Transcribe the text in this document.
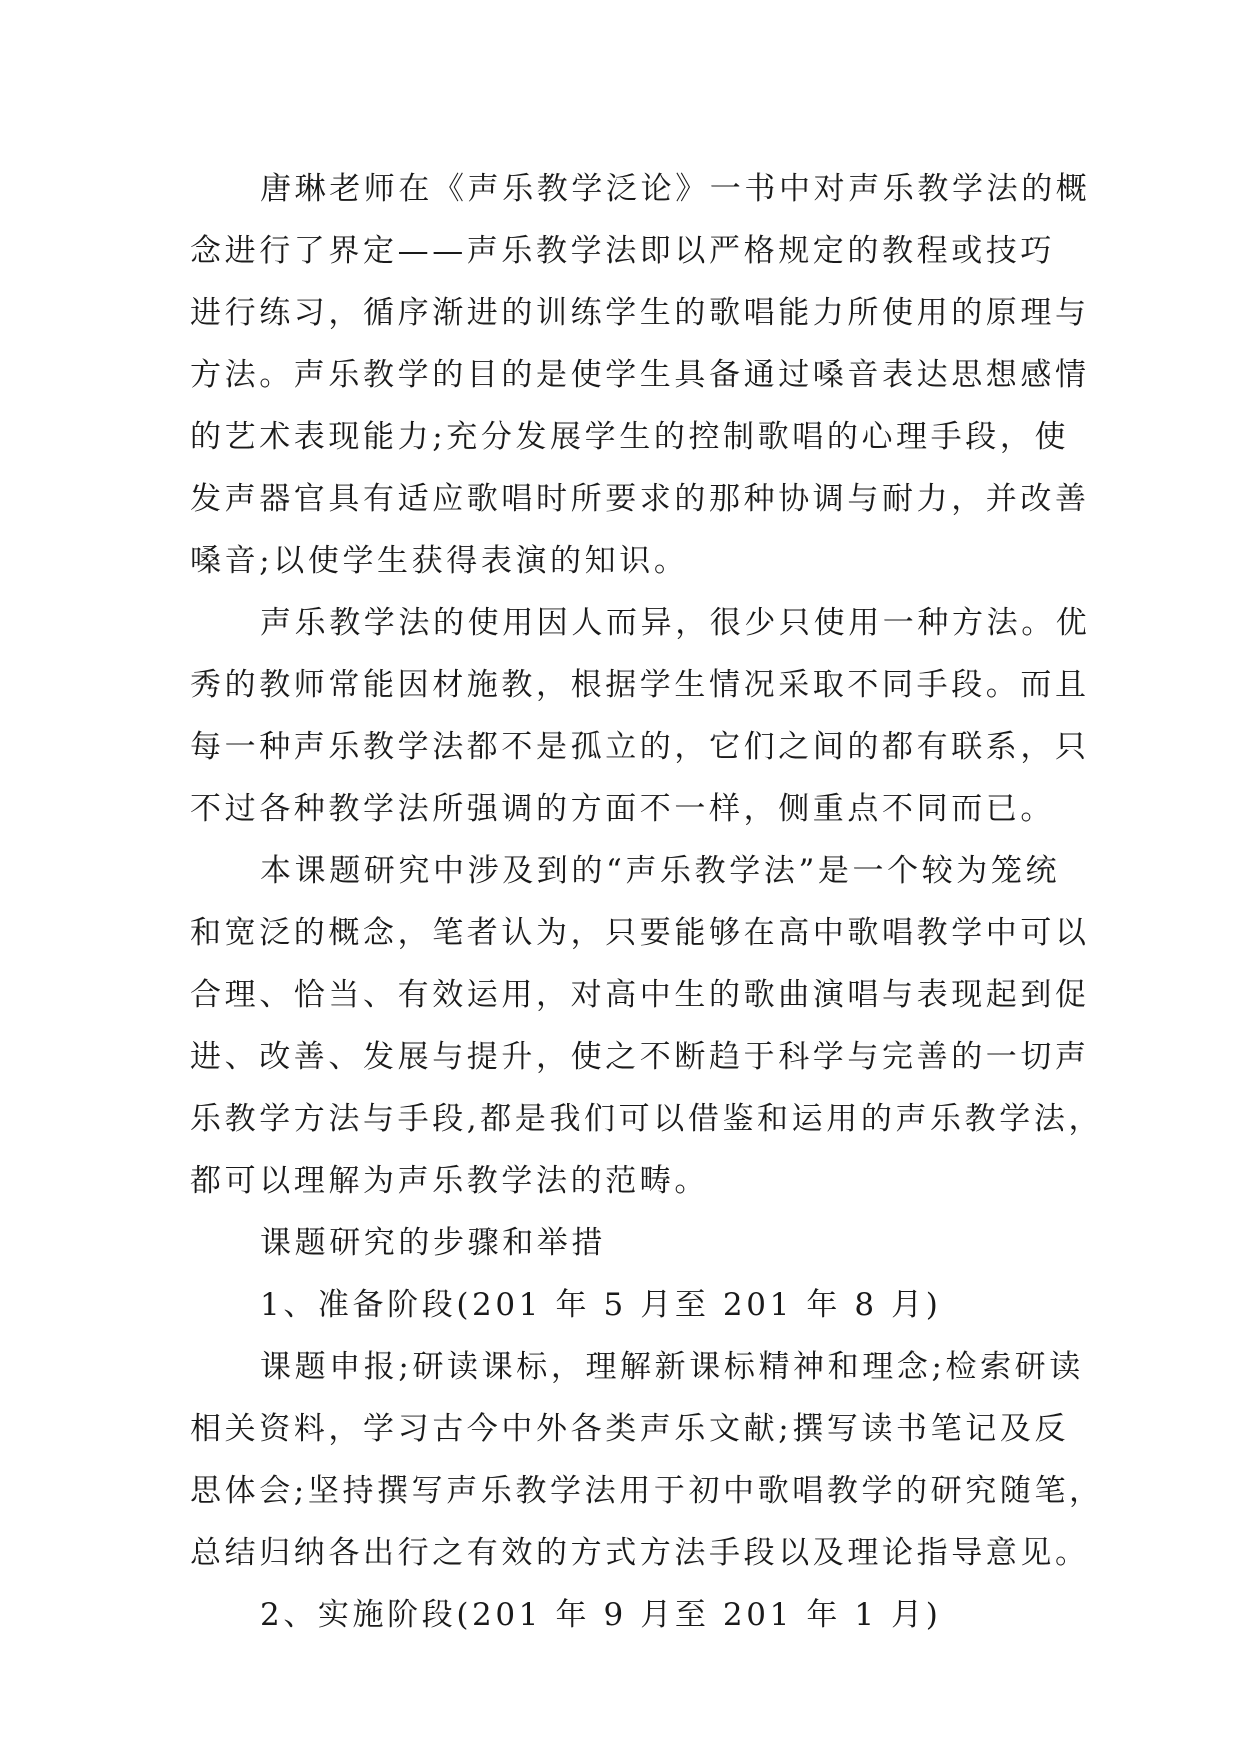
唐琳老师在《声乐教学泛论》一书中对声乐教学法的概
念进行了界定——声乐教学法即以严格规定的教程或技巧
进行练习，循序渐进的训练学生的歌唱能力所使用的原理与
方法。声乐教学的目的是使学生具备通过嗓音表达思想感情
的艺术表现能力;充分发展学生的控制歌唱的心理手段，使
发声器官具有适应歌唱时所要求的那种协调与耐力，并改善
嗓音;以使学生获得表演的知识。

声乐教学法的使用因人而异，很少只使用一种方法。优
秀的教师常能因材施教，根据学生情况采取不同手段。而且
每一种声乐教学法都不是孤立的，它们之间的都有联系，只
不过各种教学法所强调的方面不一样，侧重点不同而已。

本课题研究中涉及到的“声乐教学法”是一个较为笼统
和宽泛的概念，笔者认为，只要能够在高中歌唱教学中可以
合理、恰当、有效运用，对高中生的歌曲演唱与表现起到促
进、改善、发展与提升，使之不断趋于科学与完善的一切声
乐教学方法与手段,都是我们可以借鉴和运用的声乐教学法，
都可以理解为声乐教学法的范畴。

课题研究的步骤和举措

1、准备阶段(201 年 5 月至 201 年 8 月)

课题申报;研读课标，理解新课标精神和理念;检索研读
相关资料，学习古今中外各类声乐文献;撰写读书笔记及反
思体会;坚持撰写声乐教学法用于初中歌唱教学的研究随笔，
总结归纳各出行之有效的方式方法手段以及理论指导意见。

2、实施阶段(201 年 9 月至 201 年 1 月)
